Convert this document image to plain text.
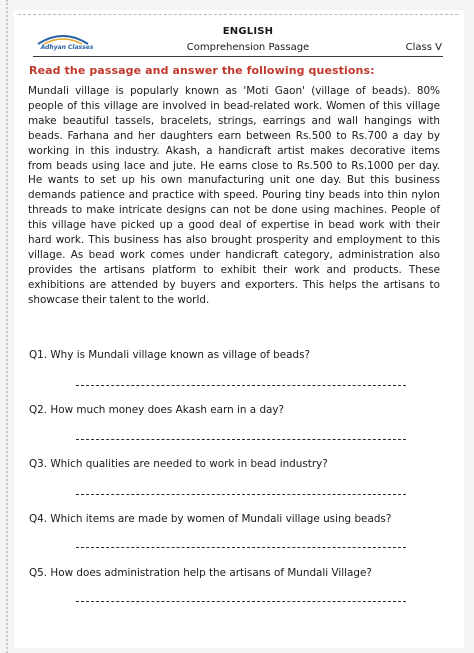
Adhyan Classes
ENGLISH
Comprehension Passage	Class V
Read the passage and answer the following questions:

Mundali village is popularly known as 'Moti Gaon' (village of beads). 80% people of this village are involved in bead-related work. Women of this village make beautiful tassels, bracelets, strings, earrings and wall hangings with beads. Farhana and her daughters earn between Rs.500 to Rs.700 a day by working in this industry. Akash, a handicraft artist makes decorative items from beads using lace and jute. He earns close to Rs.500 to Rs.1000 per day. He wants to set up his own manufacturing unit one day. But this business demands patience and practice with speed. Pouring tiny beads into thin nylon threads to make intricate designs can not be done using machines. People of this village have picked up a good deal of expertise in bead work with their hard work. This business has also brought prosperity and employment to this village. As bead work comes under handicraft category, administration also provides the artisans platform to exhibit their work and products. These exhibitions are attended by buyers and exporters. This helps the artisans to showcase their talent to the world.

Q1. Why is Mundali village known as village of beads?
Q2. How much money does Akash earn in a day?
Q3. Which qualities are needed to work in bead industry?
Q4. Which items are made by women of Mundali village using beads?
Q5. How does administration help the artisans of Mundali Village?
